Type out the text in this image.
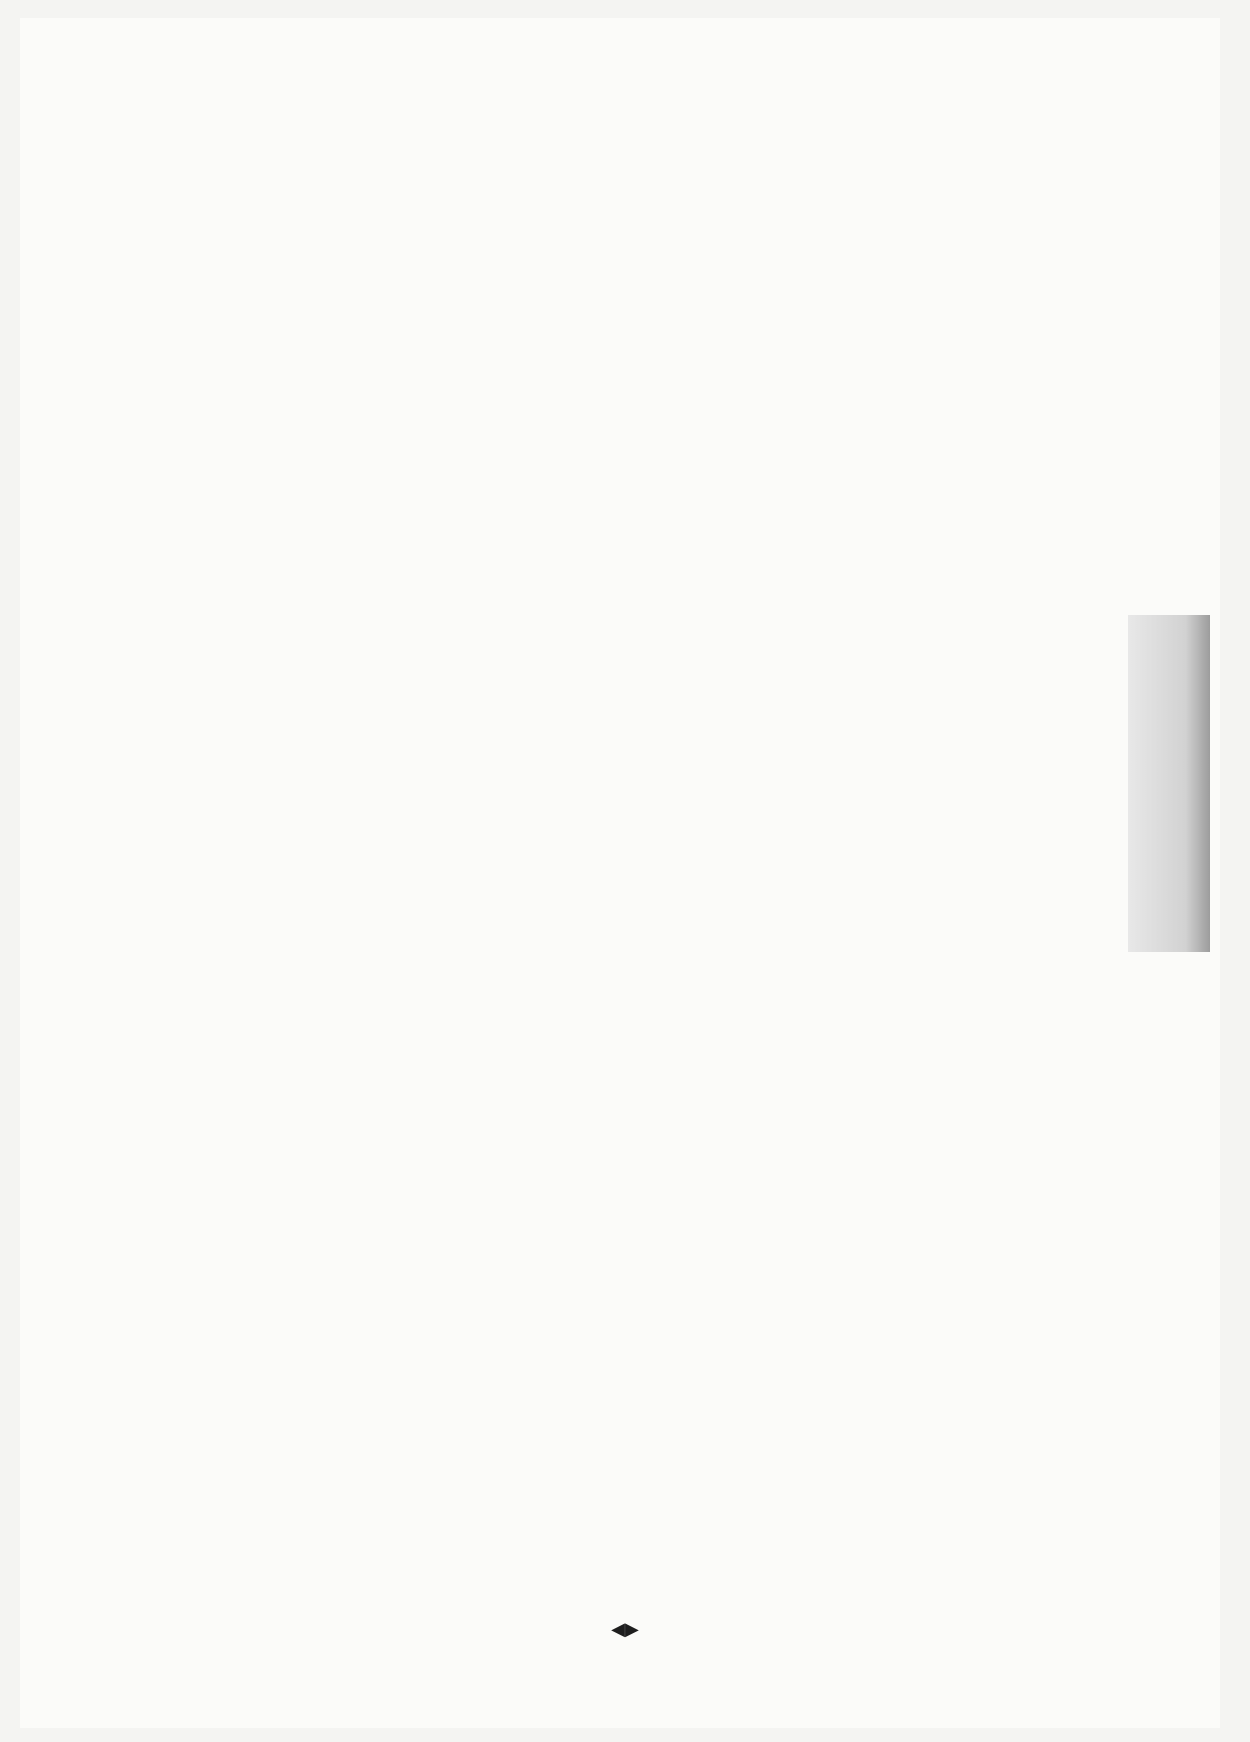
◀▶
